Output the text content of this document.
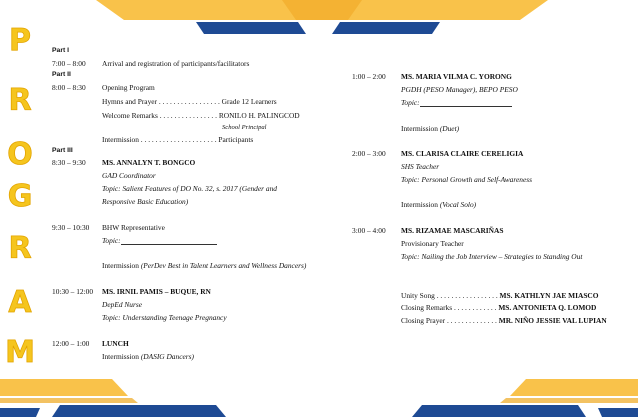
P
R
O
G
R
A
M
Part I
7:00 – 8:00 Arrival and registration of participants/facilitators
Part II
8:00 – 8:30 Opening Program
Hymns and Prayer . . . . . . . . . . . . . . . . . Grade 12 Learners
Welcome Remarks . . . . . . . . . . . . . . . . RONILO H. PALINGCOD
School Principal
Intermission . . . . . . . . . . . . . . . . . . . . . Participants
Part III
8:30 – 9:30 MS. ANNALYN T. BONGCO
GAD Coordinator
Topic: Salient Features of DO No. 32, s. 2017 (Gender and
Responsive Basic Education)
9:30 – 10:30 BHW Representative
Topic:
Intermission (PerDev Best in Talent Learners and Wellness Dancers)
10:30 – 12:00 MS. IRNIL PAMIS – BUQUE, RN
DepEd Nurse
Topic: Understanding Teenage Pregnancy
12:00 – 1:00 LUNCH
Intermission (DASIG Dancers)
1:00 – 2:00 MS. MARIA VILMA C. YORONG
PGDH (PESO Manager), BEPO PESO
Topic:
Intermission (Duet)
2:00 – 3:00 MS. CLARISA CLAIRE CERELIGIA
SHS Teacher
Topic: Personal Growth and Self-Awareness
Intermission (Vocal Solo)
3:00 – 4:00 MS. RIZAMAE MASCARIÑAS
Provisionary Teacher
Topic: Nailing the Job Interview – Strategies to Standing Out
Unity Song . . . . . . . . . . . . . . . . . MS. KATHLYN JAE MIASCO
Closing Remarks . . . . . . . . . . . . MS. ANTONIETA Q. LOMOD
Closing Prayer . . . . . . . . . . . . . . MR. NIÑO JESSIE VAL LUPIAN
